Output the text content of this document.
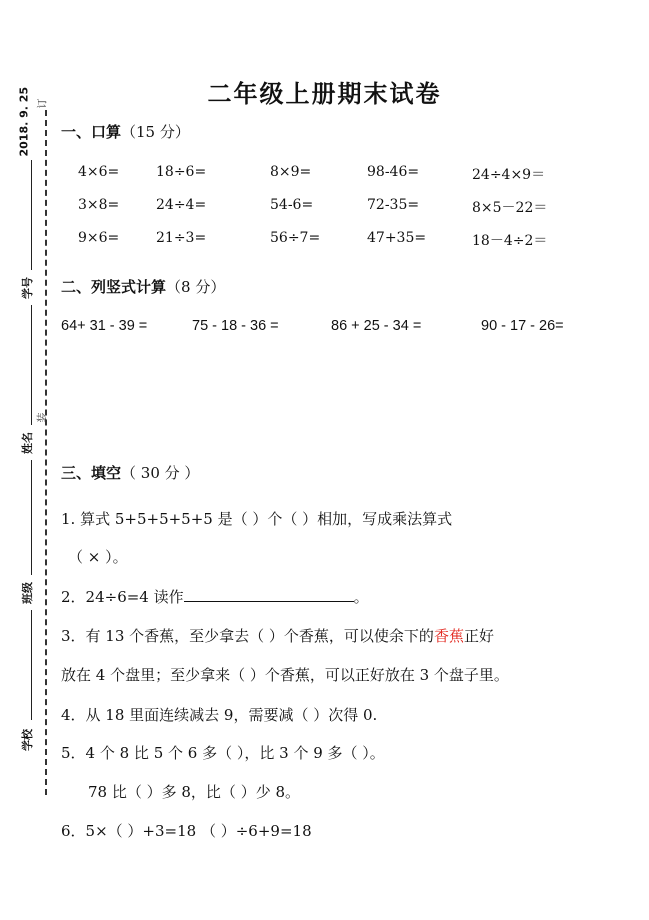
2018. 9. 25 订
装
学号
姓名
班级
学校
二年级上册期末试卷
一、口算（15 分）
4×6=	18÷6=	8×9=	98-46=	24÷4×9＝
3×8=	24÷4=	54-6=	72-35=	8×5－22＝
9×6=	21÷3=	56÷7=	47+35=	18－4÷2＝
二、列竖式计算（8 分）
64+ 31 - 39 =	75 - 18 - 36 =	86 + 25 - 34 =	90 - 17 - 26=
三、填空（ 30 分 ）
1. 算式 5+5+5+5+5 是（ ）个（ ）相加，写成乘法算式
（ × ）。
2．24÷6=4 读作	。
3．有 13 个香蕉，至少拿去（ ）个香蕉，可以使余下的香蕉正好
放在 4 个盘里；至少拿来（ ）个香蕉，可以正好放在 3 个盘子里。
4．从 18 里面连续减去 9，需要减（ ）次得 0.
5．4 个 8 比 5 个 6 多（ ），比 3 个 9 多（ ）。
78 比（ ）多 8，比（ ）少 8。
6．5×（ ）+3=18 （ ）÷6+9=18
